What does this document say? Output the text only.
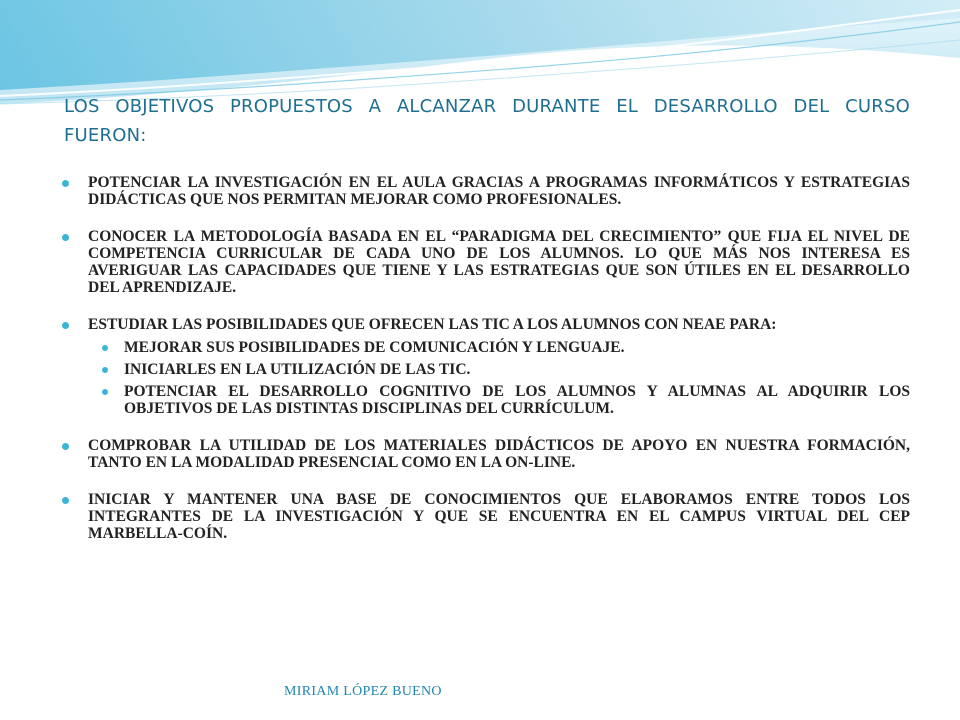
LOS OBJETIVOS PROPUESTOS A ALCANZAR DURANTE EL DESARROLLO DEL CURSO FUERON:
POTENCIAR LA INVESTIGACIÓN EN EL AULA GRACIAS A PROGRAMAS INFORMÁTICOS Y ESTRATEGIAS DIDÁCTICAS QUE NOS PERMITAN MEJORAR COMO PROFESIONALES.
CONOCER LA METODOLOGÍA BASADA EN EL “PARADIGMA DEL CRECIMIENTO” QUE FIJA EL NIVEL DE COMPETENCIA CURRICULAR DE CADA UNO DE LOS ALUMNOS. LO QUE MÁS NOS INTERESA ES AVERIGUAR LAS CAPACIDADES QUE TIENE Y LAS ESTRATEGIAS QUE SON ÚTILES EN EL DESARROLLO DEL APRENDIZAJE.
ESTUDIAR LAS POSIBILIDADES QUE OFRECEN LAS TIC A LOS ALUMNOS CON NEAE PARA:
MEJORAR SUS POSIBILIDADES DE COMUNICACIÓN Y LENGUAJE.
INICIARLES EN LA UTILIZACIÓN DE LAS TIC.
POTENCIAR EL DESARROLLO COGNITIVO DE LOS ALUMNOS Y ALUMNAS AL ADQUIRIR LOS OBJETIVOS DE LAS DISTINTAS DISCIPLINAS DEL CURRÍCULUM.
COMPROBAR LA UTILIDAD DE LOS MATERIALES DIDÁCTICOS DE APOYO EN NUESTRA FORMACIÓN, TANTO EN LA MODALIDAD PRESENCIAL COMO EN LA ON-LINE.
INICIAR Y MANTENER UNA BASE DE CONOCIMIENTOS QUE ELABORAMOS ENTRE TODOS LOS INTEGRANTES DE LA INVESTIGACIÓN Y QUE SE ENCUENTRA EN EL CAMPUS VIRTUAL DEL CEP MARBELLA-COÍN.
MIRIAM LÓPEZ BUENO
